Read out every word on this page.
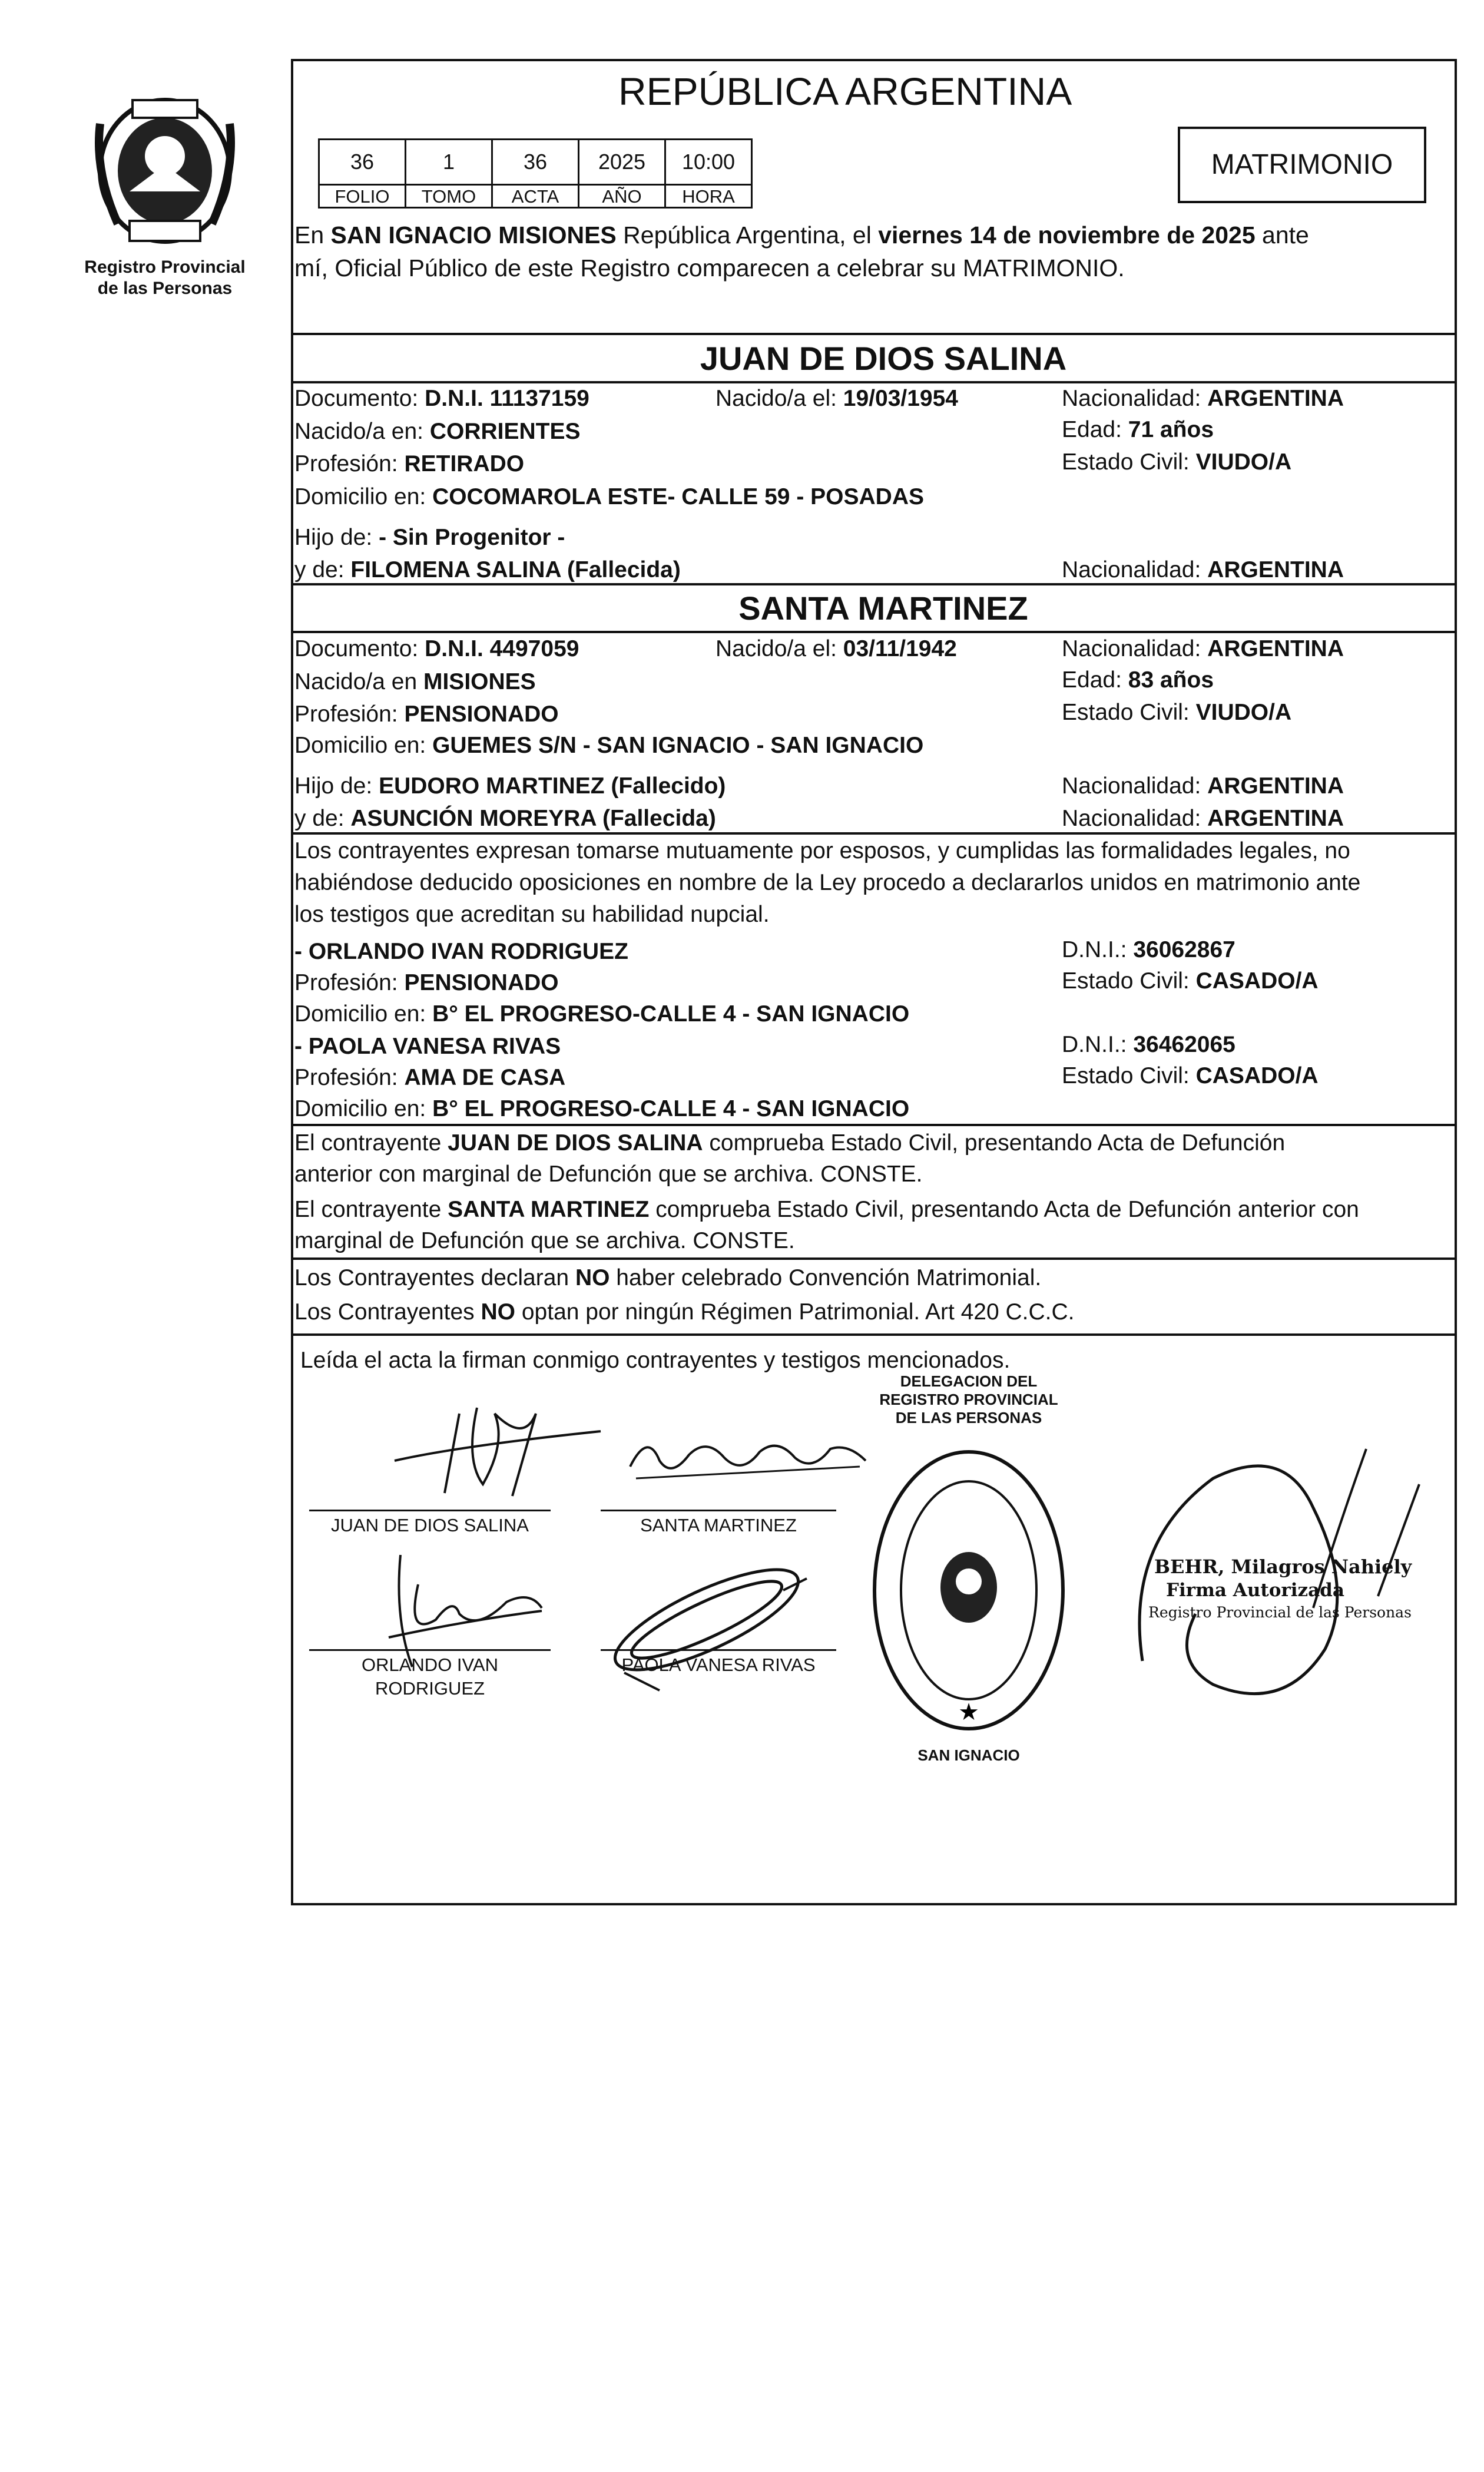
Registro Provincial
de las Personas
REPÚBLICA ARGENTINA
36	1	36	2025	10:00
FOLIO	TOMO	ACTA	AÑO	HORA
MATRIMONIO
En SAN IGNACIO MISIONES República Argentina, el viernes 14 de noviembre de 2025 ante
mí, Oficial Público de este Registro comparecen a celebrar su MATRIMONIO.
JUAN DE DIOS SALINA
Documento: D.N.I. 11137159	Nacido/a el: 19/03/1954	Nacionalidad: ARGENTINA
Nacido/a en: CORRIENTES	Edad: 71 años
Profesión: RETIRADO	Estado Civil: VIUDO/A
Domicilio en: COCOMAROLA ESTE- CALLE 59 - POSADAS
Hijo de: - Sin Progenitor -
y de: FILOMENA SALINA (Fallecida)	Nacionalidad: ARGENTINA
SANTA MARTINEZ
Documento: D.N.I. 4497059	Nacido/a el: 03/11/1942	Nacionalidad: ARGENTINA
Nacido/a en MISIONES	Edad: 83 años
Profesión: PENSIONADO	Estado Civil: VIUDO/A
Domicilio en: GUEMES S/N - SAN IGNACIO - SAN IGNACIO
Hijo de: EUDORO MARTINEZ (Fallecido)	Nacionalidad: ARGENTINA
y de: ASUNCIÓN MOREYRA (Fallecida)	Nacionalidad: ARGENTINA
Los contrayentes expresan tomarse mutuamente por esposos, y cumplidas las formalidades legales, no
habiéndose deducido oposiciones en nombre de la Ley procedo a declararlos unidos en matrimonio ante
los testigos que acreditan su habilidad nupcial.
- ORLANDO IVAN RODRIGUEZ	D.N.I.: 36062867
Profesión: PENSIONADO	Estado Civil: CASADO/A
Domicilio en: B° EL PROGRESO-CALLE 4 - SAN IGNACIO
- PAOLA VANESA RIVAS	D.N.I.: 36462065
Profesión: AMA DE CASA	Estado Civil: CASADO/A
Domicilio en: B° EL PROGRESO-CALLE 4 - SAN IGNACIO
El contrayente JUAN DE DIOS SALINA comprueba Estado Civil, presentando Acta de Defunción
anterior con marginal de Defunción que se archiva. CONSTE.
El contrayente SANTA MARTINEZ comprueba Estado Civil, presentando Acta de Defunción anterior con
marginal de Defunción que se archiva. CONSTE.
Los Contrayentes declaran NO haber celebrado Convención Matrimonial.
Los Contrayentes NO optan por ningún Régimen Patrimonial. Art 420 C.C.C.
Leída el acta la firman conmigo contrayentes y testigos mencionados.
JUAN DE DIOS SALINA	SANTA MARTINEZ
ORLANDO IVAN
RODRIGUEZ
PAOLA VANESA RIVAS
★
DELEGACION DEL REGISTRO PROVINCIAL DE LAS PERSONAS
SAN IGNACIO
BEHR, Milagros Nahiely
Firma Autorizada
Registro Provincial de las Personas
